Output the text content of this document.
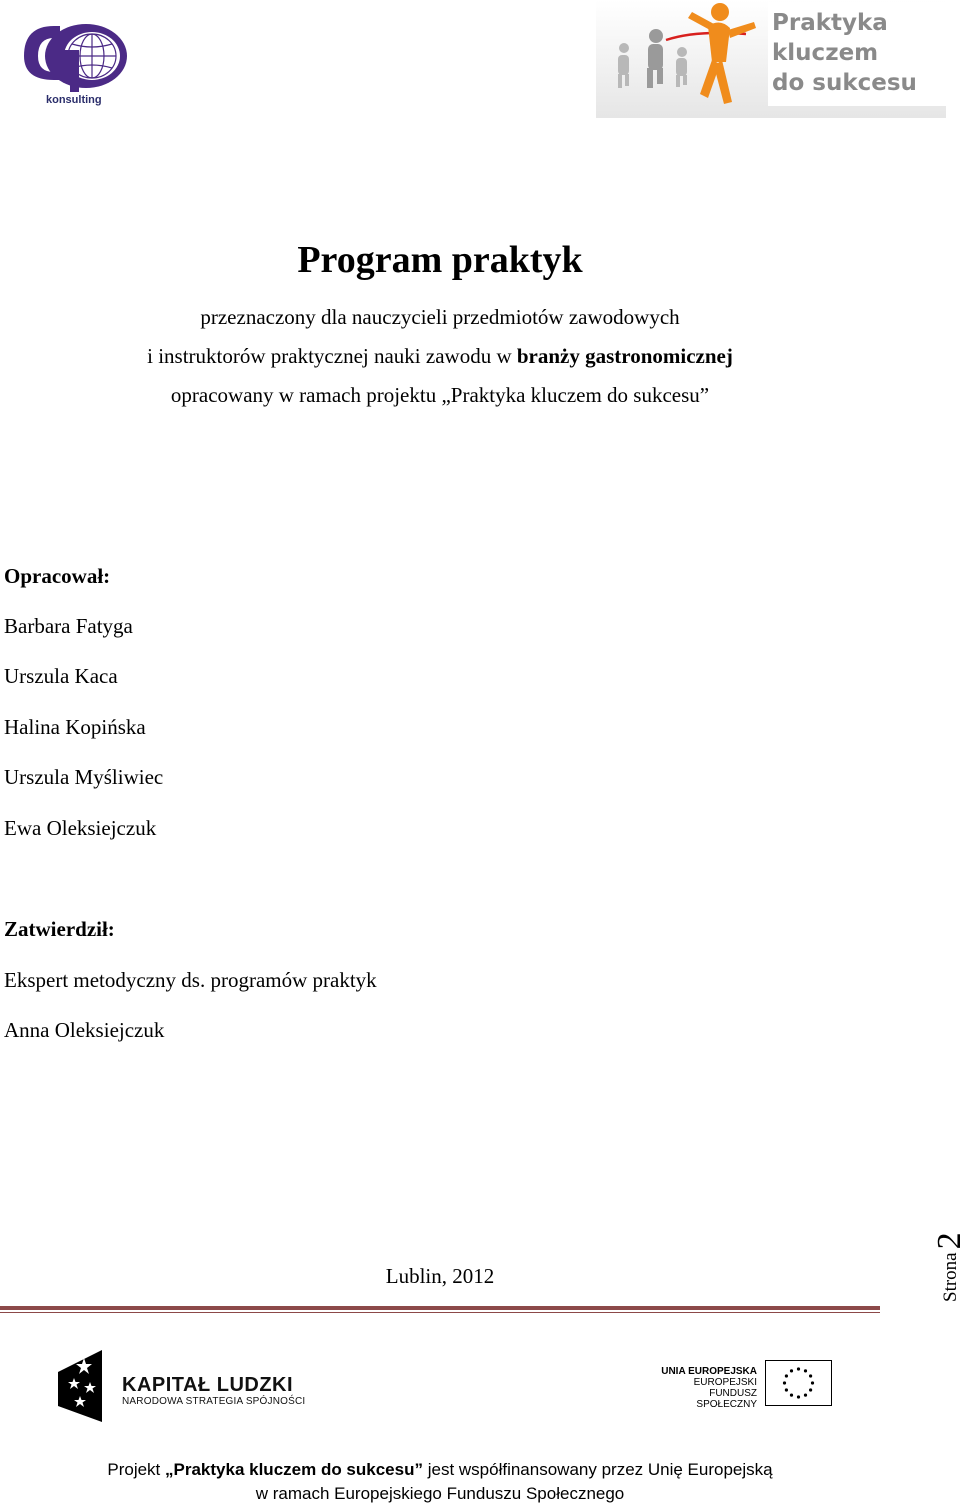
konsulting
Praktyka
kluczem
do sukcesu
Program praktyk
przeznaczony dla nauczycieli przedmiotów zawodowych
i instruktorów praktycznej nauki zawodu w branży gastronomicznej
opracowany w ramach projektu „Praktyka kluczem do sukcesu”
Opracował:
Barbara Fatyga
Urszula Kaca
Halina Kopińska
Urszula Myśliwiec
Ewa Oleksiejczuk
Zatwierdził:
Ekspert metodyczny ds. programów praktyk
Anna Oleksiejczuk
Lublin, 2012	Strona2
KAPITAŁ LUDZKI
NARODOWA STRATEGIA SPÓJNOŚCI
UNIA EUROPEJSKA
EUROPEJSKI
FUNDUSZ SPOŁECZNY
Projekt „Praktyka kluczem do sukcesu” jest współfinansowany przez Unię Europejską
w ramach Europejskiego Funduszu Społecznego
